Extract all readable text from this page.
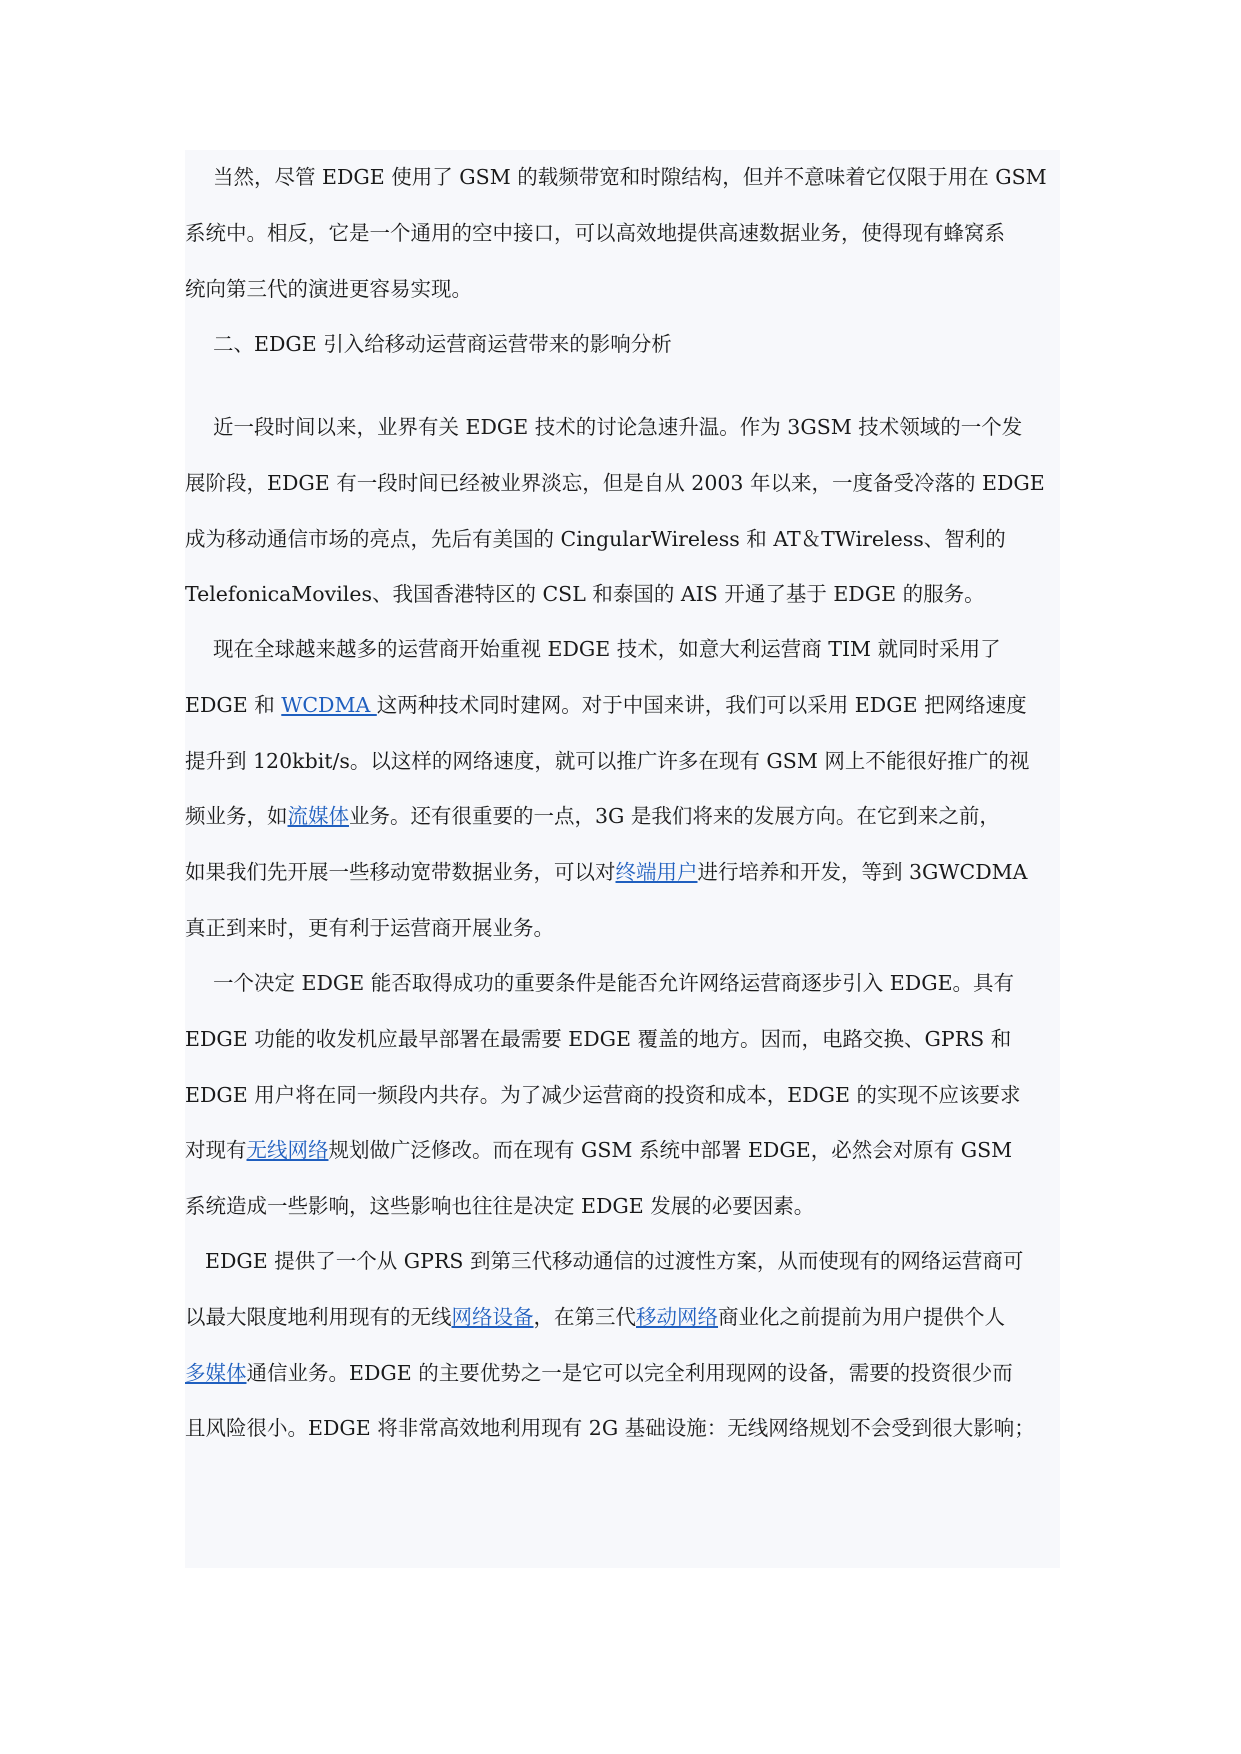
当然，尽管 EDGE 使用了 GSM 的载频带宽和时隙结构，但并不意味着它仅限于用在 GSM
系统中。相反，它是一个通用的空中接口，可以高效地提供高速数据业务，使得现有蜂窝系
统向第三代的演进更容易实现。

二、EDGE 引入给移动运营商运营带来的影响分析

近一段时间以来，业界有关 EDGE 技术的讨论急速升温。作为 3GSM 技术领域的一个发
展阶段，EDGE 有一段时间已经被业界淡忘，但是自从 2003 年以来，一度备受冷落的 EDGE
成为移动通信市场的亮点，先后有美国的 CingularWireless 和 AT＆TWireless、智利的
TelefonicaMoviles、我国香港特区的 CSL 和泰国的 AIS 开通了基于 EDGE 的服务。

现在全球越来越多的运营商开始重视 EDGE 技术，如意大利运营商 TIM 就同时采用了
EDGE 和 WCDMA 这两种技术同时建网。对于中国来讲，我们可以采用 EDGE 把网络速度
提升到 120kbit/s。以这样的网络速度，就可以推广许多在现有 GSM 网上不能很好推广的视
频业务，如流媒体业务。还有很重要的一点，3G 是我们将来的发展方向。在它到来之前，
如果我们先开展一些移动宽带数据业务，可以对终端用户进行培养和开发，等到 3GWCDMA
真正到来时，更有利于运营商开展业务。

一个决定 EDGE 能否取得成功的重要条件是能否允许网络运营商逐步引入 EDGE。具有
EDGE 功能的收发机应最早部署在最需要 EDGE 覆盖的地方。因而，电路交换、GPRS 和
EDGE 用户将在同一频段内共存。为了减少运营商的投资和成本，EDGE 的实现不应该要求
对现有无线网络规划做广泛修改。而在现有 GSM 系统中部署 EDGE，必然会对原有 GSM
系统造成一些影响，这些影响也往往是决定 EDGE 发展的必要因素。

EDGE 提供了一个从 GPRS 到第三代移动通信的过渡性方案，从而使现有的网络运营商可
以最大限度地利用现有的无线网络设备，在第三代移动网络商业化之前提前为用户提供个人
多媒体通信业务。EDGE 的主要优势之一是它可以完全利用现网的设备，需要的投资很少而
且风险很小。EDGE 将非常高效地利用现有 2G 基础设施：无线网络规划不会受到很大影响；
